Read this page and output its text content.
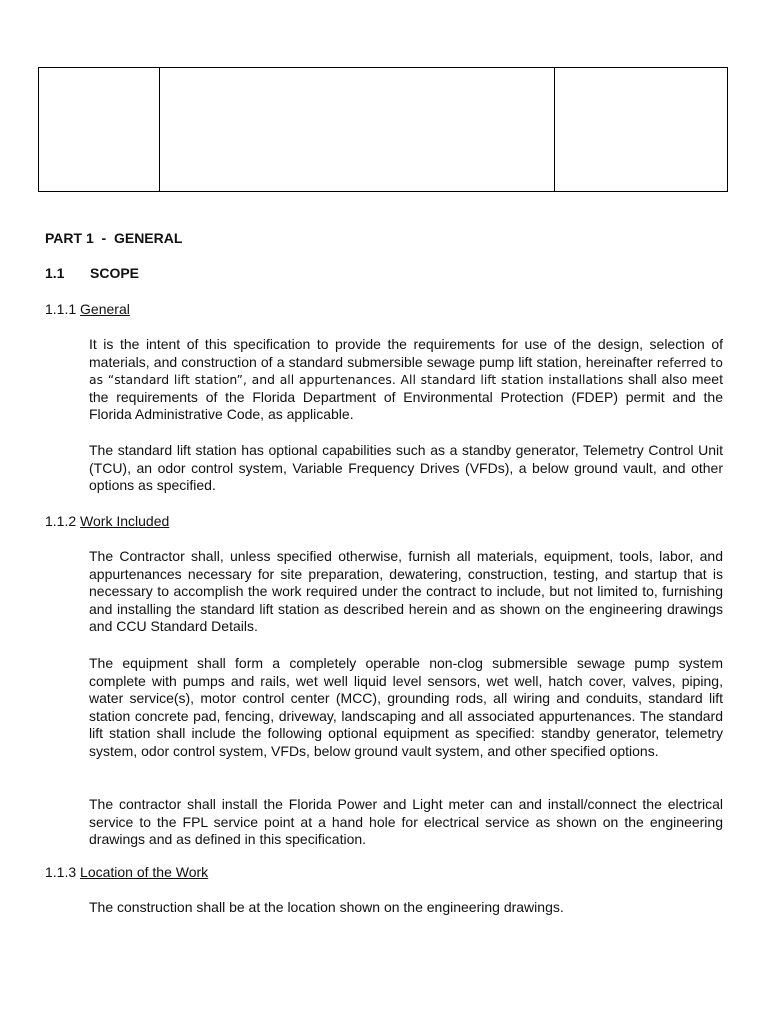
PART 1  -  GENERAL
1.1	SCOPE
1.1.1 General

It is the intent of this specification to provide the requirements for use of the design, selection of materials, and construction of a standard submersible sewage pump lift station, hereinafter referred to as “standard lift station”, and all appurtenances. All standard lift station installations shall also meet the requirements of the Florida Department of Environmental Protection (FDEP) permit and the Florida Administrative Code, as applicable.

The standard lift station has optional capabilities such as a standby generator, Telemetry Control Unit (TCU), an odor control system, Variable Frequency Drives (VFDs), a below ground vault, and other options as specified.

1.1.2 Work Included

The Contractor shall, unless specified otherwise, furnish all materials, equipment, tools, labor, and appurtenances necessary for site preparation, dewatering, construction, testing, and startup that is necessary to accomplish the work required under the contract to include, but not limited to, furnishing and installing the standard lift station as described herein and as shown on the engineering drawings and CCU Standard Details.

The equipment shall form a completely operable non-clog submersible sewage pump system complete with pumps and rails, wet well liquid level sensors, wet well, hatch cover, valves, piping, water service(s), motor control center (MCC), grounding rods, all wiring and conduits, standard lift station concrete pad, fencing, driveway, landscaping and all associated appurtenances. The standard lift station shall include the following optional equipment as specified: standby generator, telemetry system, odor control system, VFDs, below ground vault system, and other specified options.

The contractor shall install the Florida Power and Light meter can and install/connect the electrical service to the FPL service point at a hand hole for electrical service as shown on the engineering drawings and as defined in this specification.

1.1.3 Location of the Work

The construction shall be at the location shown on the engineering drawings.
